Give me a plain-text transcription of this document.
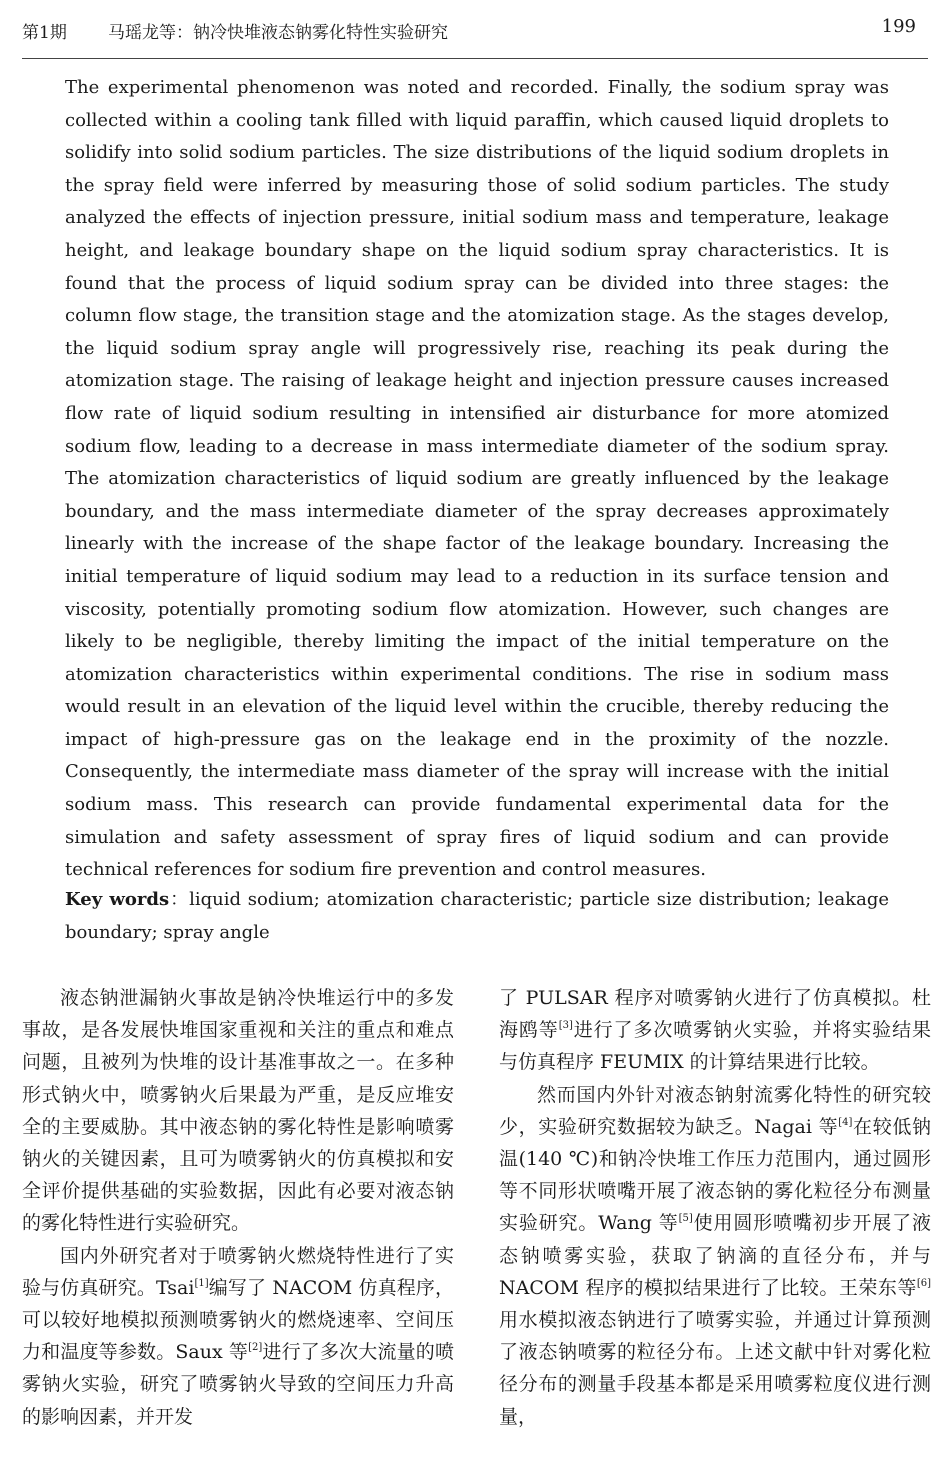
第1期 马瑶龙等：钠冷快堆液态钠雾化特性实验研究	199

The experimental phenomenon was noted and recorded. Finally, the sodium spray was collected within a cooling tank filled with liquid paraffin, which caused liquid droplets to solidify into solid sodium particles. The size distributions of the liquid sodium droplets in the spray field were inferred by measuring those of solid sodium particles. The study analyzed the effects of injection pressure, initial sodium mass and temperature, leakage height, and leakage boundary shape on the liquid sodium spray characteristics. It is found that the process of liquid sodium spray can be divided into three stages: the column flow stage, the transition stage and the atomization stage. As the stages develop, the liquid sodium spray angle will progressively rise, reaching its peak during the atomization stage. The raising of leakage height and injection pressure causes increased flow rate of liquid sodium resulting in intensified air disturbance for more atomized sodium flow, leading to a decrease in mass intermediate diameter of the sodium spray. The atomization characteristics of liquid sodium are greatly influenced by the leakage boundary, and the mass intermediate diameter of the spray decreases approximately linearly with the increase of the shape factor of the leakage boundary. Increasing the initial temperature of liquid sodium may lead to a reduction in its surface tension and viscosity, potentially promoting sodium flow atomization. However, such changes are likely to be negligible, thereby limiting the impact of the initial temperature on the atomization characteristics within experimental conditions. The rise in sodium mass would result in an elevation of the liquid level within the crucible, thereby reducing the impact of high-pressure gas on the leakage end in the proximity of the nozzle. Consequently, the intermediate mass diameter of the spray will increase with the initial sodium mass. This research can provide fundamental experimental data for the simulation and safety assessment of spray fires of liquid sodium and can provide technical references for sodium fire prevention and control measures.

Key words：liquid sodium; atomization characteristic; particle size distribution; leakage boundary; spray angle

液态钠泄漏钠火事故是钠冷快堆运行中的多发事故，是各发展快堆国家重视和关注的重点和难点问题，且被列为快堆的设计基准事故之一。在多种形式钠火中，喷雾钠火后果最为严重，是反应堆安全的主要威胁。其中液态钠的雾化特性是影响喷雾钠火的关键因素，且可为喷雾钠火的仿真模拟和安全评价提供基础的实验数据，因此有必要对液态钠的雾化特性进行实验研究。

国内外研究者对于喷雾钠火燃烧特性进行了实验与仿真研究。Tsai[1]编写了 NACOM 仿真程序，可以较好地模拟预测喷雾钠火的燃烧速率、空间压力和温度等参数。Saux 等[2]进行了多次大流量的喷雾钠火实验，研究了喷雾钠火导致的空间压力升高的影响因素，并开发

了 PULSAR 程序对喷雾钠火进行了仿真模拟。杜海鸥等[3]进行了多次喷雾钠火实验，并将实验结果与仿真程序 FEUMIX 的计算结果进行比较。

然而国内外针对液态钠射流雾化特性的研究较少，实验研究数据较为缺乏。Nagai 等[4]在较低钠温(140 ℃)和钠冷快堆工作压力范围内，通过圆形等不同形状喷嘴开展了液态钠的雾化粒径分布测量实验研究。Wang 等[5]使用圆形喷嘴初步开展了液态钠喷雾实验，获取了钠滴的直径分布，并与 NACOM 程序的模拟结果进行了比较。王荣东等[6]用水模拟液态钠进行了喷雾实验，并通过计算预测了液态钠喷雾的粒径分布。上述文献中针对雾化粒径分布的测量手段基本都是采用喷雾粒度仪进行测量，
